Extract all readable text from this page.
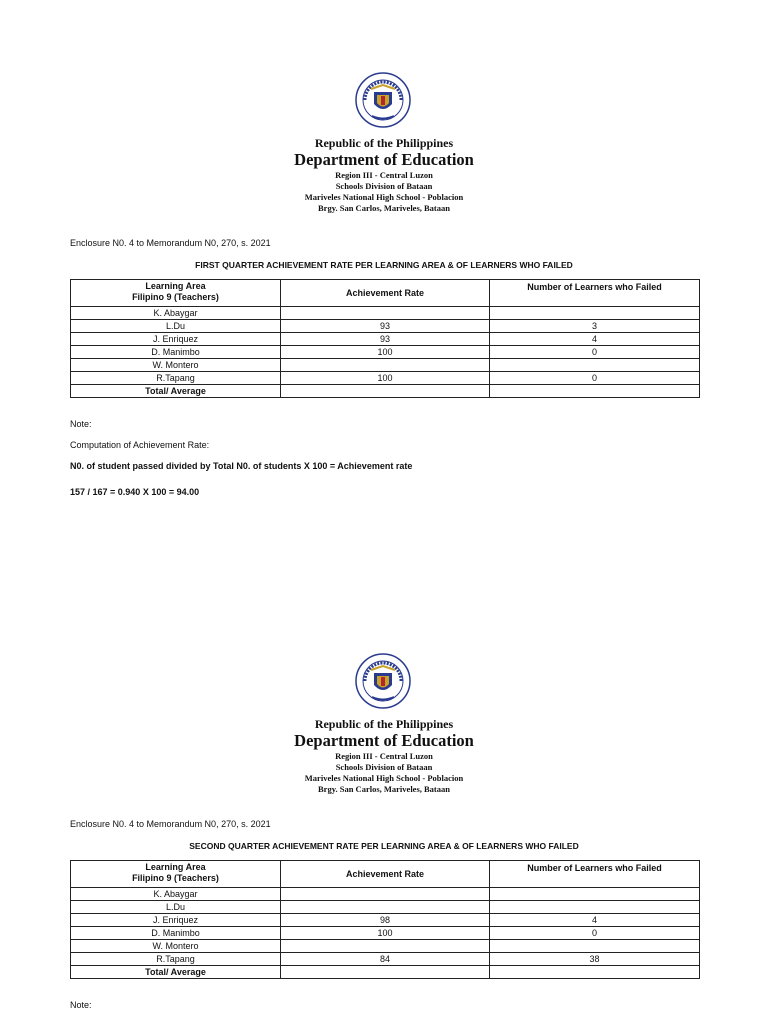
Republic of the Philippines
Department of Education
Region III - Central Luzon
Schools Division of Bataan
Mariveles National High School - Poblacion
Brgy. San Carlos, Mariveles, Bataan
Enclosure N0. 4 to Memorandum N0, 270, s. 2021
FIRST QUARTER ACHIEVEMENT RATE PER LEARNING AREA & OF LEARNERS WHO FAILED
Learning Area
Filipino 9 (Teachers)	Achievement Rate	Number of Learners who Failed
K. Abaygar		
L.Du	93	3
J. Enriquez	93	4
D. Manimbo	100	0
W. Montero		
R.Tapang	100	0
Total/ Average		
Note:
Computation of Achievement Rate:
N0. of student passed divided by Total N0. of students X 100 = Achievement rate
157 / 167 = 0.940 X 100 = 94.00
Republic of the Philippines
Department of Education
Region III - Central Luzon
Schools Division of Bataan
Mariveles National High School - Poblacion
Brgy. San Carlos, Mariveles, Bataan
Enclosure N0. 4 to Memorandum N0, 270, s. 2021
SECOND QUARTER ACHIEVEMENT RATE PER LEARNING AREA & OF LEARNERS WHO FAILED
Learning Area
Filipino 9 (Teachers)	Achievement Rate	Number of Learners who Failed
K. Abaygar		
L.Du		
J. Enriquez	98	4
D. Manimbo	100	0
W. Montero		
R.Tapang	84	38
Total/ Average		
Note:
